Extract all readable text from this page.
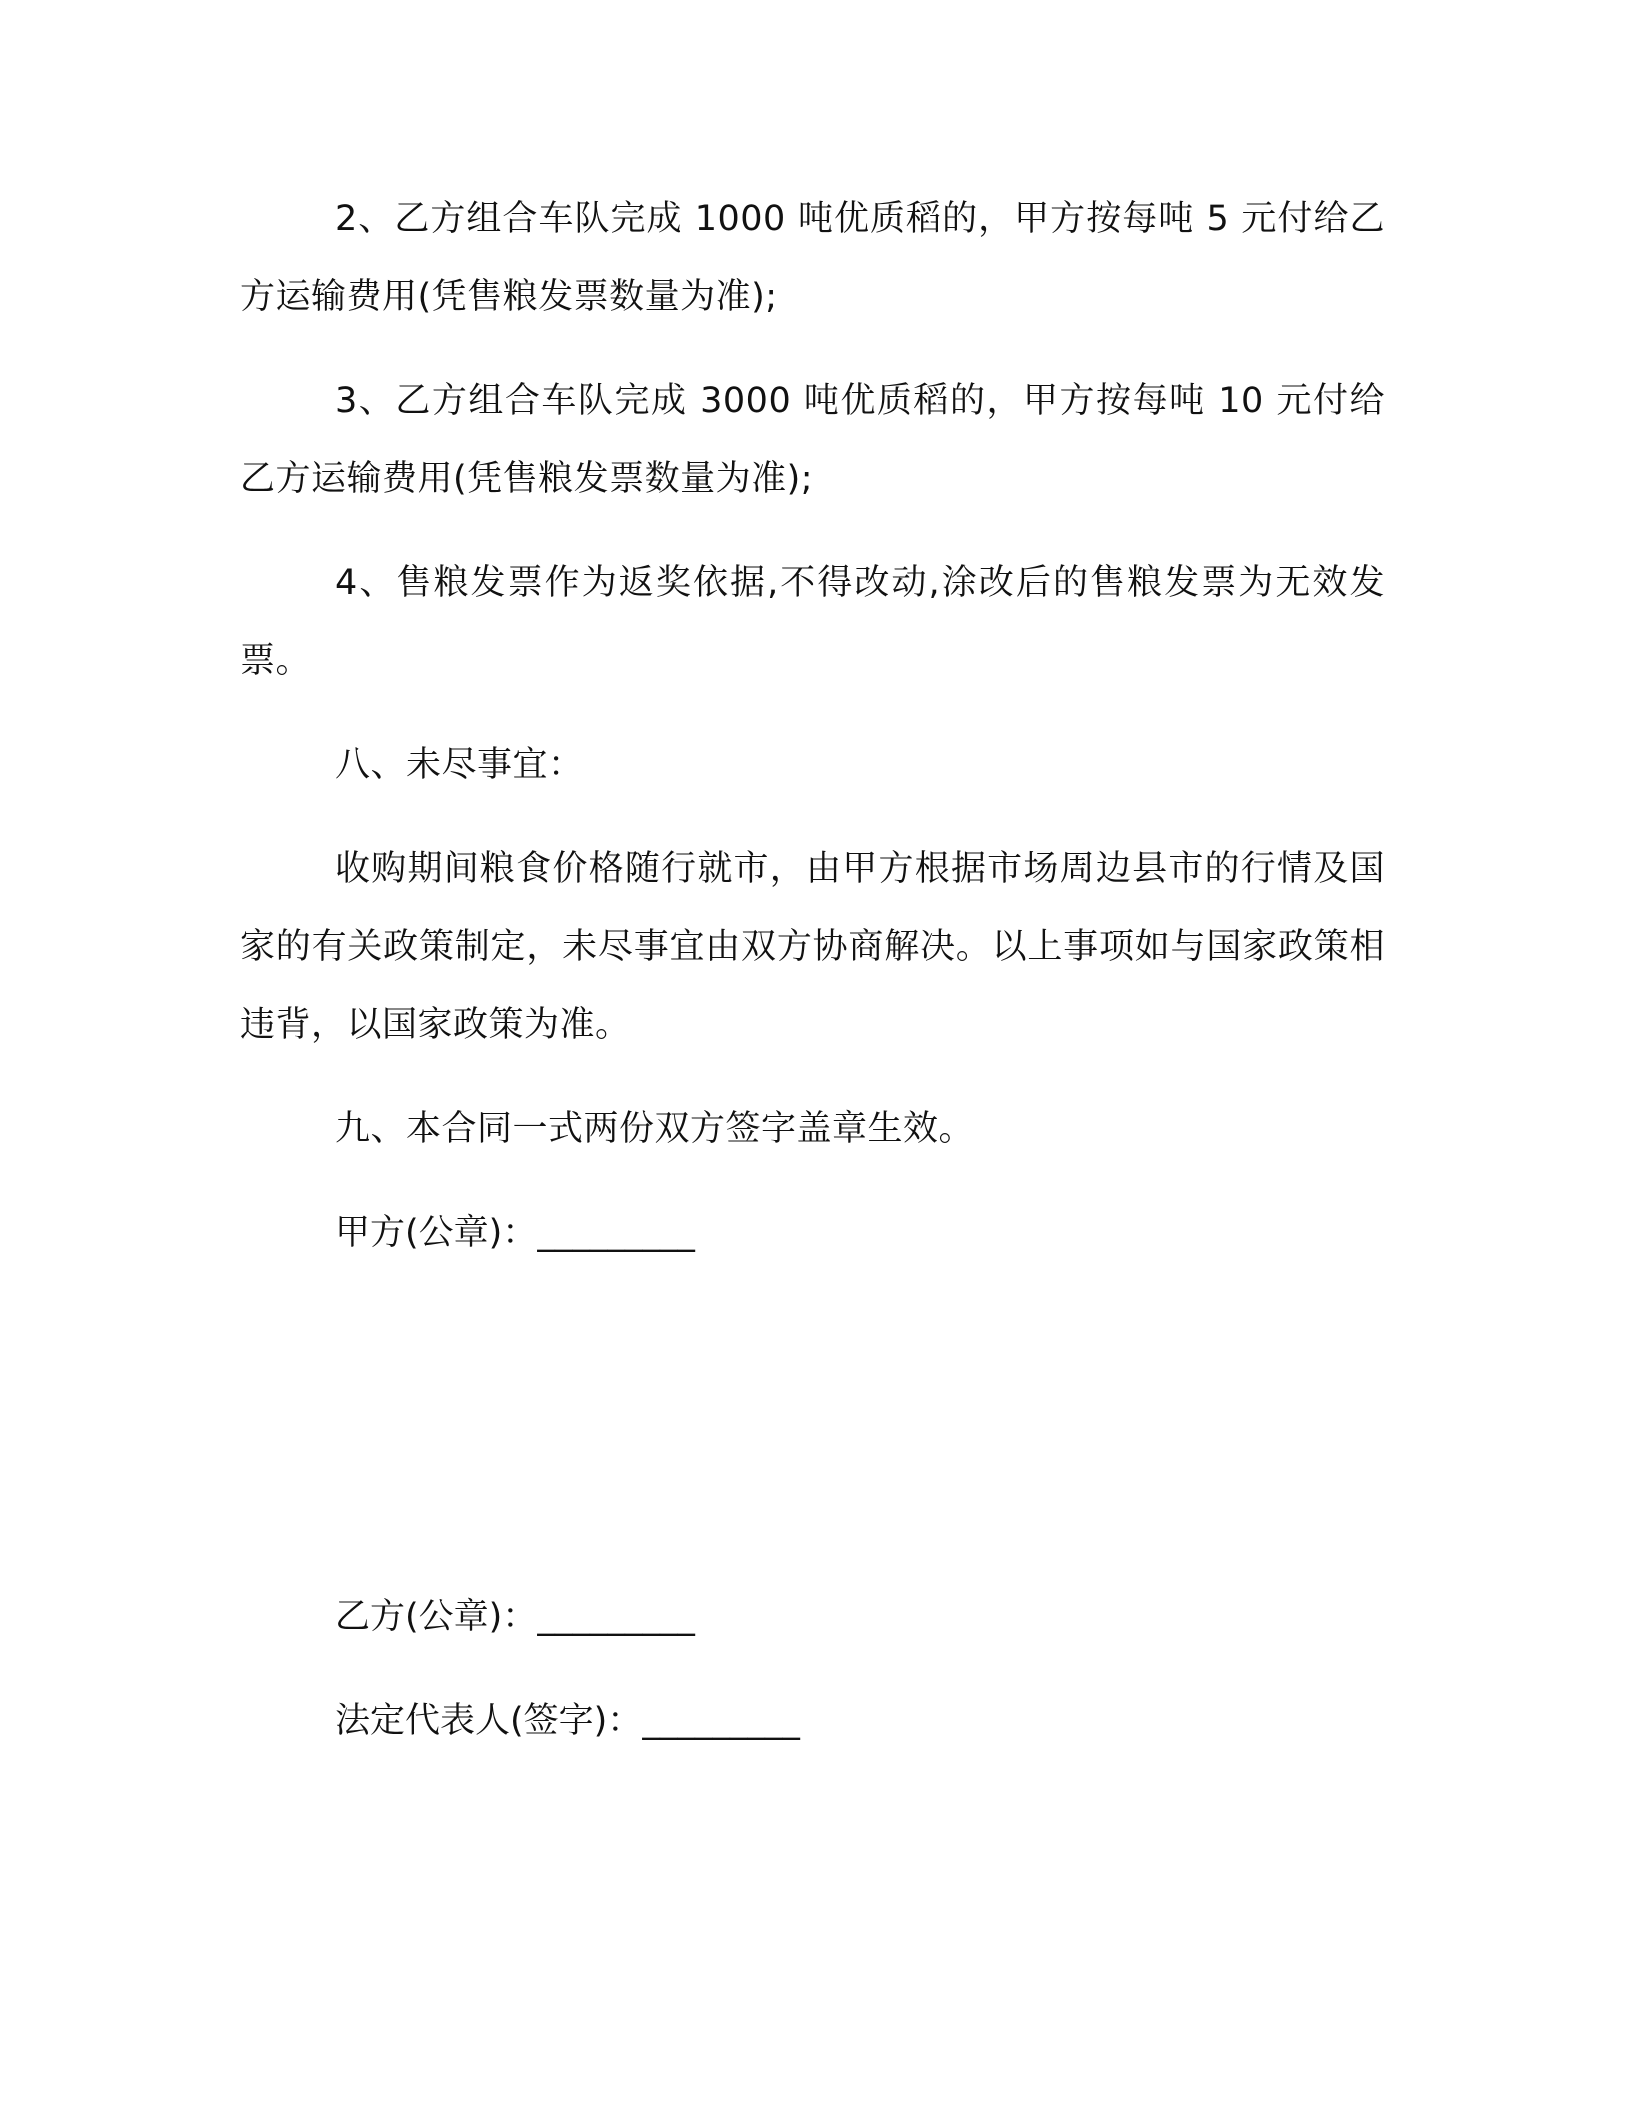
2、乙方组合车队完成 1000 吨优质稻的，甲方按每吨 5 元付给乙方运输费用(凭售粮发票数量为准);

3、乙方组合车队完成 3000 吨优质稻的，甲方按每吨 10 元付给乙方运输费用(凭售粮发票数量为准);

4、售粮发票作为返奖依据,不得改动,涂改后的售粮发票为无效发票。

八、未尽事宜：

收购期间粮食价格随行就市，由甲方根据市场周边县市的行情及国家的有关政策制定，未尽事宜由双方协商解决。以上事项如与国家政策相违背，以国家政策为准。

九、本合同一式两份双方签字盖章生效。

甲方(公章)：_________

乙方(公章)：_________

法定代表人(签字)：_________
